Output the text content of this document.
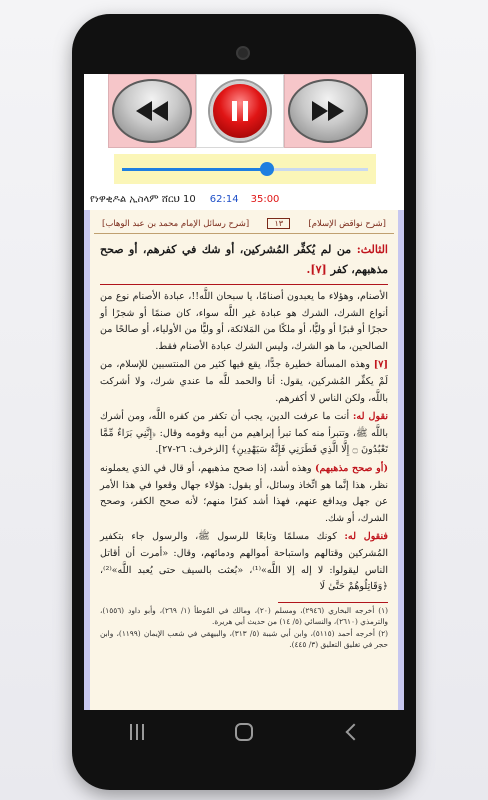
የነዋቂዶል ኢስላም ሸርህ 10 62:14 35:00
[شرح نواقض الإسلام]
١٣
[شرح رسائل الإمام محمد بن عبد الوهاب]
الثالث: من لم يُكفِّر المُشركين، أو شك في كفرهم، أو صحح مذهبهم، كفر [٧].

الأصنام، وهؤلاء ما يعبدون أصنامًا، يا سبحان اللَّه!!، عبادة الأصنام نوع من أنواع الشرك، الشرك هو عبادة غير اللَّه سواء، كان صنمًا أو شجرًا أو حجرًا أو قبرًا أو وليًّا، أو ملكًا من المَلائكة، أو وليًّا من الأولياء، أو صالحًا من الصالحين، ما هو الشرك، وليس الشرك عبادة الأصنام فقط.

[٧] وهذه المسألة خطيرة جدًّا، يقع فيها كثير من المنتسبين للإسلام، من لَمْ يكفِّر المُشركين، يقول: أنا والحمد للَّه ما عندي شرك، ولا أشركت باللَّه، ولكن الناس لا أكفرهم.

نقول له: أنت ما عرفت الدين، يجب أن تكفر من كفره اللَّه، ومن أشرك باللَّه ﷺ، وتتبرأ منه كما تبرأ إبراهيم من أبيه وقومه وقال: ﴿إِنَّنِي بَرَاءٌ مِّمَّا تَعْبُدُونَ ۝ إِلَّا الَّذِي فَطَرَنِي فَإِنَّهُ سَيَهْدِينِ﴾ [الزخرف: ٢٦-٢٧].

(أو صحح مذهبهم) وهذه أشد، إذا صحح مذهبهم، أو قال في الذي يعملونه نظر، هذا إنَّما هو اتِّخاذ وسائل، أو يقول: هؤلاء جهال وقعوا في هذا الأمر عن جهل ويدافع عنهم، فهذا أشد كفرًا منهم؛ لأنه صحح الكفر، وصحح الشرك، أو شك.

فنقول له: كونك مسلمًا وتابعًا للرسول ﷺ، والرسول جاء بتكفير المُشركين وقتالهم واستباحة أموالهم ودمائهم، وقال: «أمرت أن أقاتل الناس ليقولوا: لا إله إلا اللَّه»⁽¹⁾، «بُعثت بالسيف حتى يُعبد اللَّه»⁽²⁾، ﴿وَقَاتِلُوهُمْ حَتَّىٰ لَا

(١) أخرجه البخاري (٢٩٤٦)، ومسلم (٢٠)، ومالك في المُوطأ (١/ ٢٦٩)، وأبو داود (١٥٥٦)، والترمذي (٢٦١٠)، والنسائي (٥/ ١٤) من حديث أبي هريرة.

(٢) أخرجه أحمد (٥١١٥)، وابن أبي شيبة (٥/ ٣١٣)، والبيهقي في شعب الإيمان (١١٩٩)، وابن حجر في تغليق التعليق (٣/ ٤٤٥).
